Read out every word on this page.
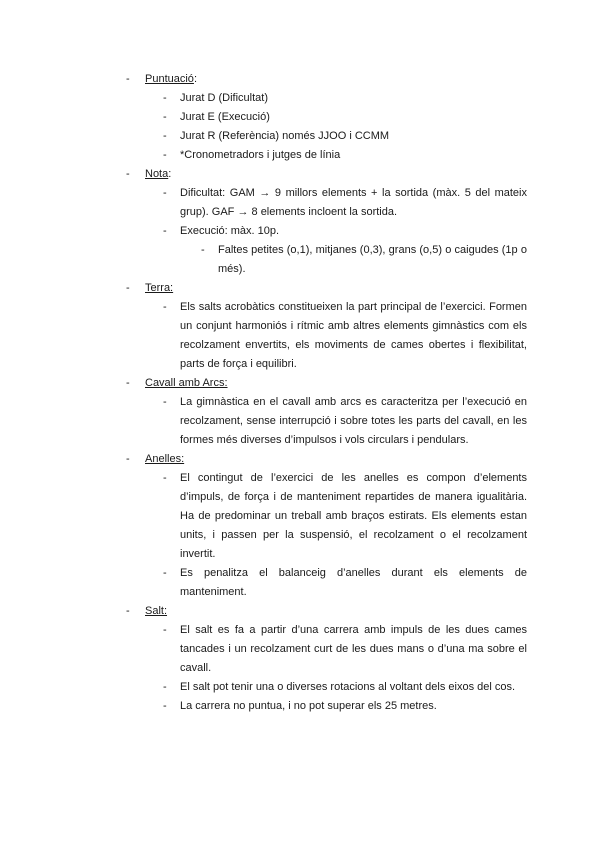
- Puntuació:
- Jurat D (Dificultat)
- Jurat E (Execució)
- Jurat R (Referència) només JJOO i CCMM
- *Cronometradors i jutges de línia
- Nota:
- Dificultat: GAM → 9 millors elements + la sortida (màx. 5 del mateix grup). GAF → 8 elements incloent la sortida.
- Execució: màx. 10p.
- Faltes petites (o,1), mitjanes (0,3), grans (o,5) o caigudes (1p o més).
- Terra:
- Els salts acrobàtics constitueixen la part principal de l’exercici. Formen un conjunt harmoniós i rítmic amb altres elements gimnàstics com els recolzament envertits, els moviments de cames obertes i flexibilitat, parts de força i equilibri.
- Cavall amb Arcs:
- La gimnàstica en el cavall amb arcs es caracteritza per l’execució en recolzament, sense interrupció i sobre totes les parts del cavall, en les formes més diverses d’impulsos i vols circulars i pendulars.
- Anelles:
- El contingut de l’exercici de les anelles es compon d’elements d’impuls, de força i de manteniment repartides de manera igualitària. Ha de predominar un treball amb braços estirats. Els elements estan units, i passen per la suspensió, el recolzament o el recolzament invertit.
- Es penalitza el balanceig d’anelles durant els elements de manteniment.
- Salt:
- El salt es fa a partir d’una carrera amb impuls de les dues cames tancades i un recolzament curt de les dues mans o d’una ma sobre el cavall.
- El salt pot tenir una o diverses rotacions al voltant dels eixos del cos.
- La carrera no puntua, i no pot superar els 25 metres.
